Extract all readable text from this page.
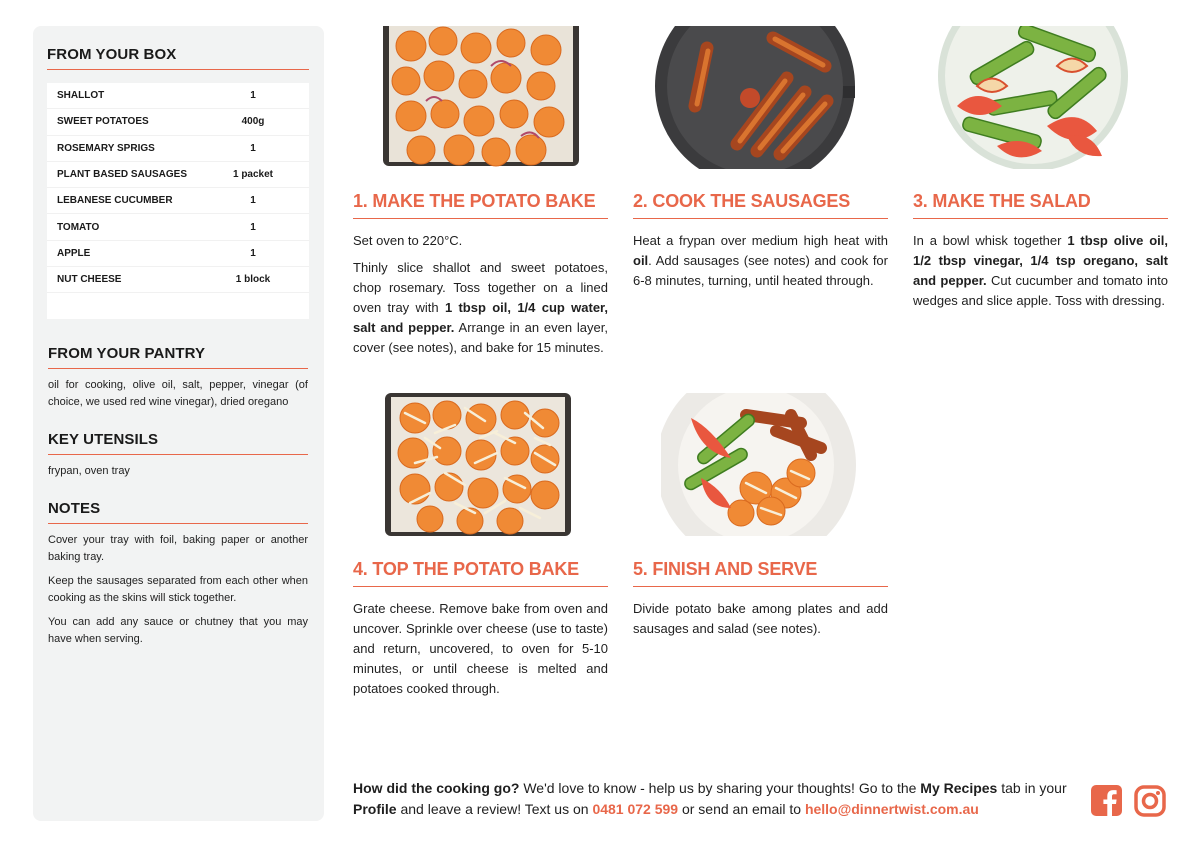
FROM YOUR BOX
SHALLOT	1
SWEET POTATOES	400g
ROSEMARY SPRIGS	1
PLANT BASED SAUSAGES	1 packet
LEBANESE CUCUMBER	1
TOMATO	1
APPLE	1
NUT CHEESE	1 block
FROM YOUR PANTRY
oil for cooking, olive oil, salt, pepper, vinegar (of choice, we used red wine vinegar), dried oregano
KEY UTENSILS
frypan, oven tray
NOTES

Cover your tray with foil, baking paper or another baking tray.

Keep the sausages separated from each other when cooking as the skins will stick together.

You can add any sauce or chutney that you may have when serving.

1. MAKE THE POTATO BAKE

Set oven to 220°C.

Thinly slice shallot and sweet potatoes, chop rosemary. Toss together on a lined oven tray with 1 tbsp oil, 1/4 cup water, salt and pepper. Arrange in an even layer, cover (see notes), and bake for 15 minutes.

2. COOK THE SAUSAGES

Heat a frypan over medium high heat with oil. Add sausages (see notes) and cook for 6-8 minutes, turning, until heated through.

3. MAKE THE SALAD

In a bowl whisk together 1 tbsp olive oil, 1/2 tbsp vinegar, 1/4 tsp oregano, salt and pepper. Cut cucumber and tomato into wedges and slice apple. Toss with dressing.

4. TOP THE POTATO BAKE

Grate cheese. Remove bake from oven and uncover. Sprinkle over cheese (use to taste) and return, uncovered, to oven for 5-10 minutes, or until cheese is melted and potatoes cooked through.

5. FINISH AND SERVE

Divide potato bake among plates and add sausages and salad (see notes).

How did the cooking go? We'd love to know - help us by sharing your thoughts! Go to the My Recipes tab in your Profile and leave a review! Text us on 0481 072 599 or send an email to hello@dinnertwist.com.au
